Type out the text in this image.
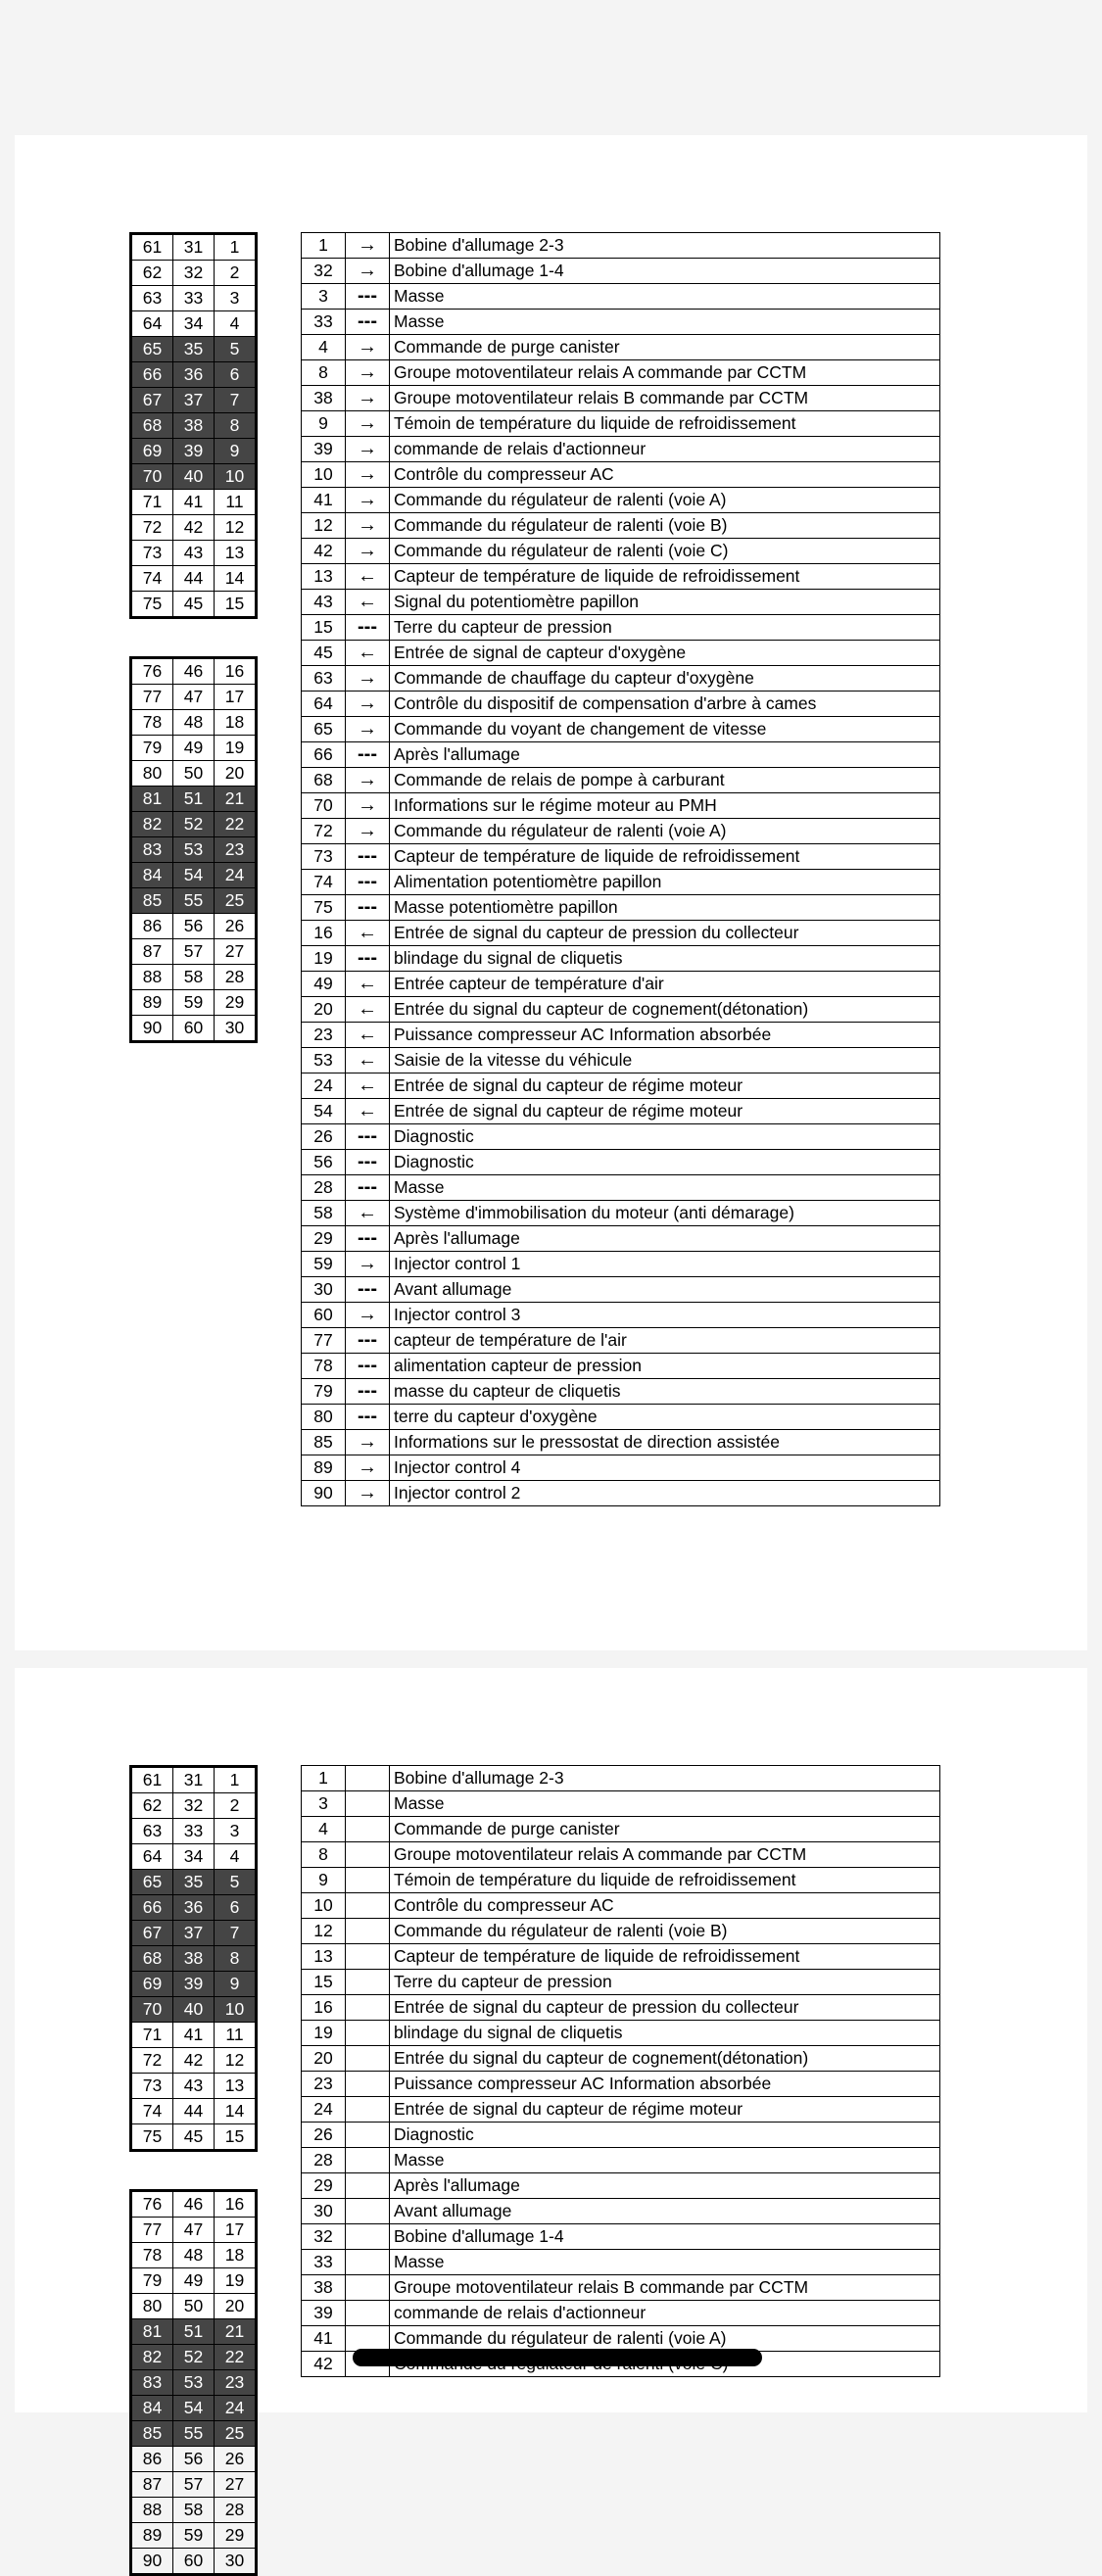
61	31	1
62	32	2
63	33	3
64	34	4
65	35	5
66	36	6
67	37	7
68	38	8
69	39	9
70	40	10
71	41	11
72	42	12
73	43	13
74	44	14
75	45	15
76	46	16
77	47	17
78	48	18
79	49	19
80	50	20
81	51	21
82	52	22
83	53	23
84	54	24
85	55	25
86	56	26
87	57	27
88	58	28
89	59	29
90	60	30
1	→	Bobine d'allumage 2-3
32	→	Bobine d'allumage 1-4
3	---	Masse
33	---	Masse
4	→	Commande de purge canister
8	→	Groupe motoventilateur relais A commande par CCTM
38	→	Groupe motoventilateur relais B commande par CCTM
9	→	Témoin de température du liquide de refroidissement
39	→	commande de relais d'actionneur
10	→	Contrôle du compresseur AC
41	→	Commande du régulateur de ralenti (voie A)
12	→	Commande du régulateur de ralenti (voie B)
42	→	Commande du régulateur de ralenti (voie C)
13	←	Capteur de température de liquide de refroidissement
43	←	Signal du potentiomètre papillon
15	---	Terre du capteur de pression
45	←	Entrée de signal de capteur d'oxygène
63	→	Commande de chauffage du capteur d'oxygène
64	→	Contrôle du dispositif de compensation d'arbre à cames
65	→	Commande du voyant de changement de vitesse
66	---	Après l'allumage
68	→	Commande de relais de pompe à carburant
70	→	Informations sur le régime moteur au PMH
72	→	Commande du régulateur de ralenti (voie A)
73	---	Capteur de température de liquide de refroidissement
74	---	Alimentation potentiomètre papillon
75	---	Masse potentiomètre papillon
16	←	Entrée de signal du capteur de pression du collecteur
19	---	blindage du signal de cliquetis
49	←	Entrée capteur de température d'air
20	←	Entrée du signal du capteur de cognement(détonation)
23	←	Puissance compresseur AC Information absorbée
53	←	Saisie de la vitesse du véhicule
24	←	Entrée de signal du capteur de régime moteur
54	←	Entrée de signal du capteur de régime moteur
26	---	Diagnostic
56	---	Diagnostic
28	---	Masse
58	←	Système d'immobilisation du moteur (anti démarage)
29	---	Après l'allumage
59	→	Injector control 1
30	---	Avant allumage
60	→	Injector control 3
77	---	capteur de température de l'air
78	---	alimentation capteur de pression
79	---	masse du capteur de cliquetis
80	---	terre du capteur d'oxygène
85	→	Informations sur le pressostat de direction assistée
89	→	Injector control 4
90	→	Injector control 2
61	31	1
62	32	2
63	33	3
64	34	4
65	35	5
66	36	6
67	37	7
68	38	8
69	39	9
70	40	10
71	41	11
72	42	12
73	43	13
74	44	14
75	45	15
76	46	16
77	47	17
78	48	18
79	49	19
80	50	20
81	51	21
82	52	22
83	53	23
84	54	24
85	55	25
86	56	26
87	57	27
88	58	28
89	59	29
90	60	30
1		Bobine d'allumage 2-3
3		Masse
4		Commande de purge canister
8		Groupe motoventilateur relais A commande par CCTM
9		Témoin de température du liquide de refroidissement
10		Contrôle du compresseur AC
12		Commande du régulateur de ralenti (voie B)
13		Capteur de température de liquide de refroidissement
15		Terre du capteur de pression
16		Entrée de signal du capteur de pression du collecteur
19		blindage du signal de cliquetis
20		Entrée du signal du capteur de cognement(détonation)
23		Puissance compresseur AC Information absorbée
24		Entrée de signal du capteur de régime moteur
26		Diagnostic
28		Masse
29		Après l'allumage
30		Avant allumage
32		Bobine d'allumage 1-4
33		Masse
38		Groupe motoventilateur relais B commande par CCTM
39		commande de relais d'actionneur
41		Commande du régulateur de ralenti (voie A)
42		
